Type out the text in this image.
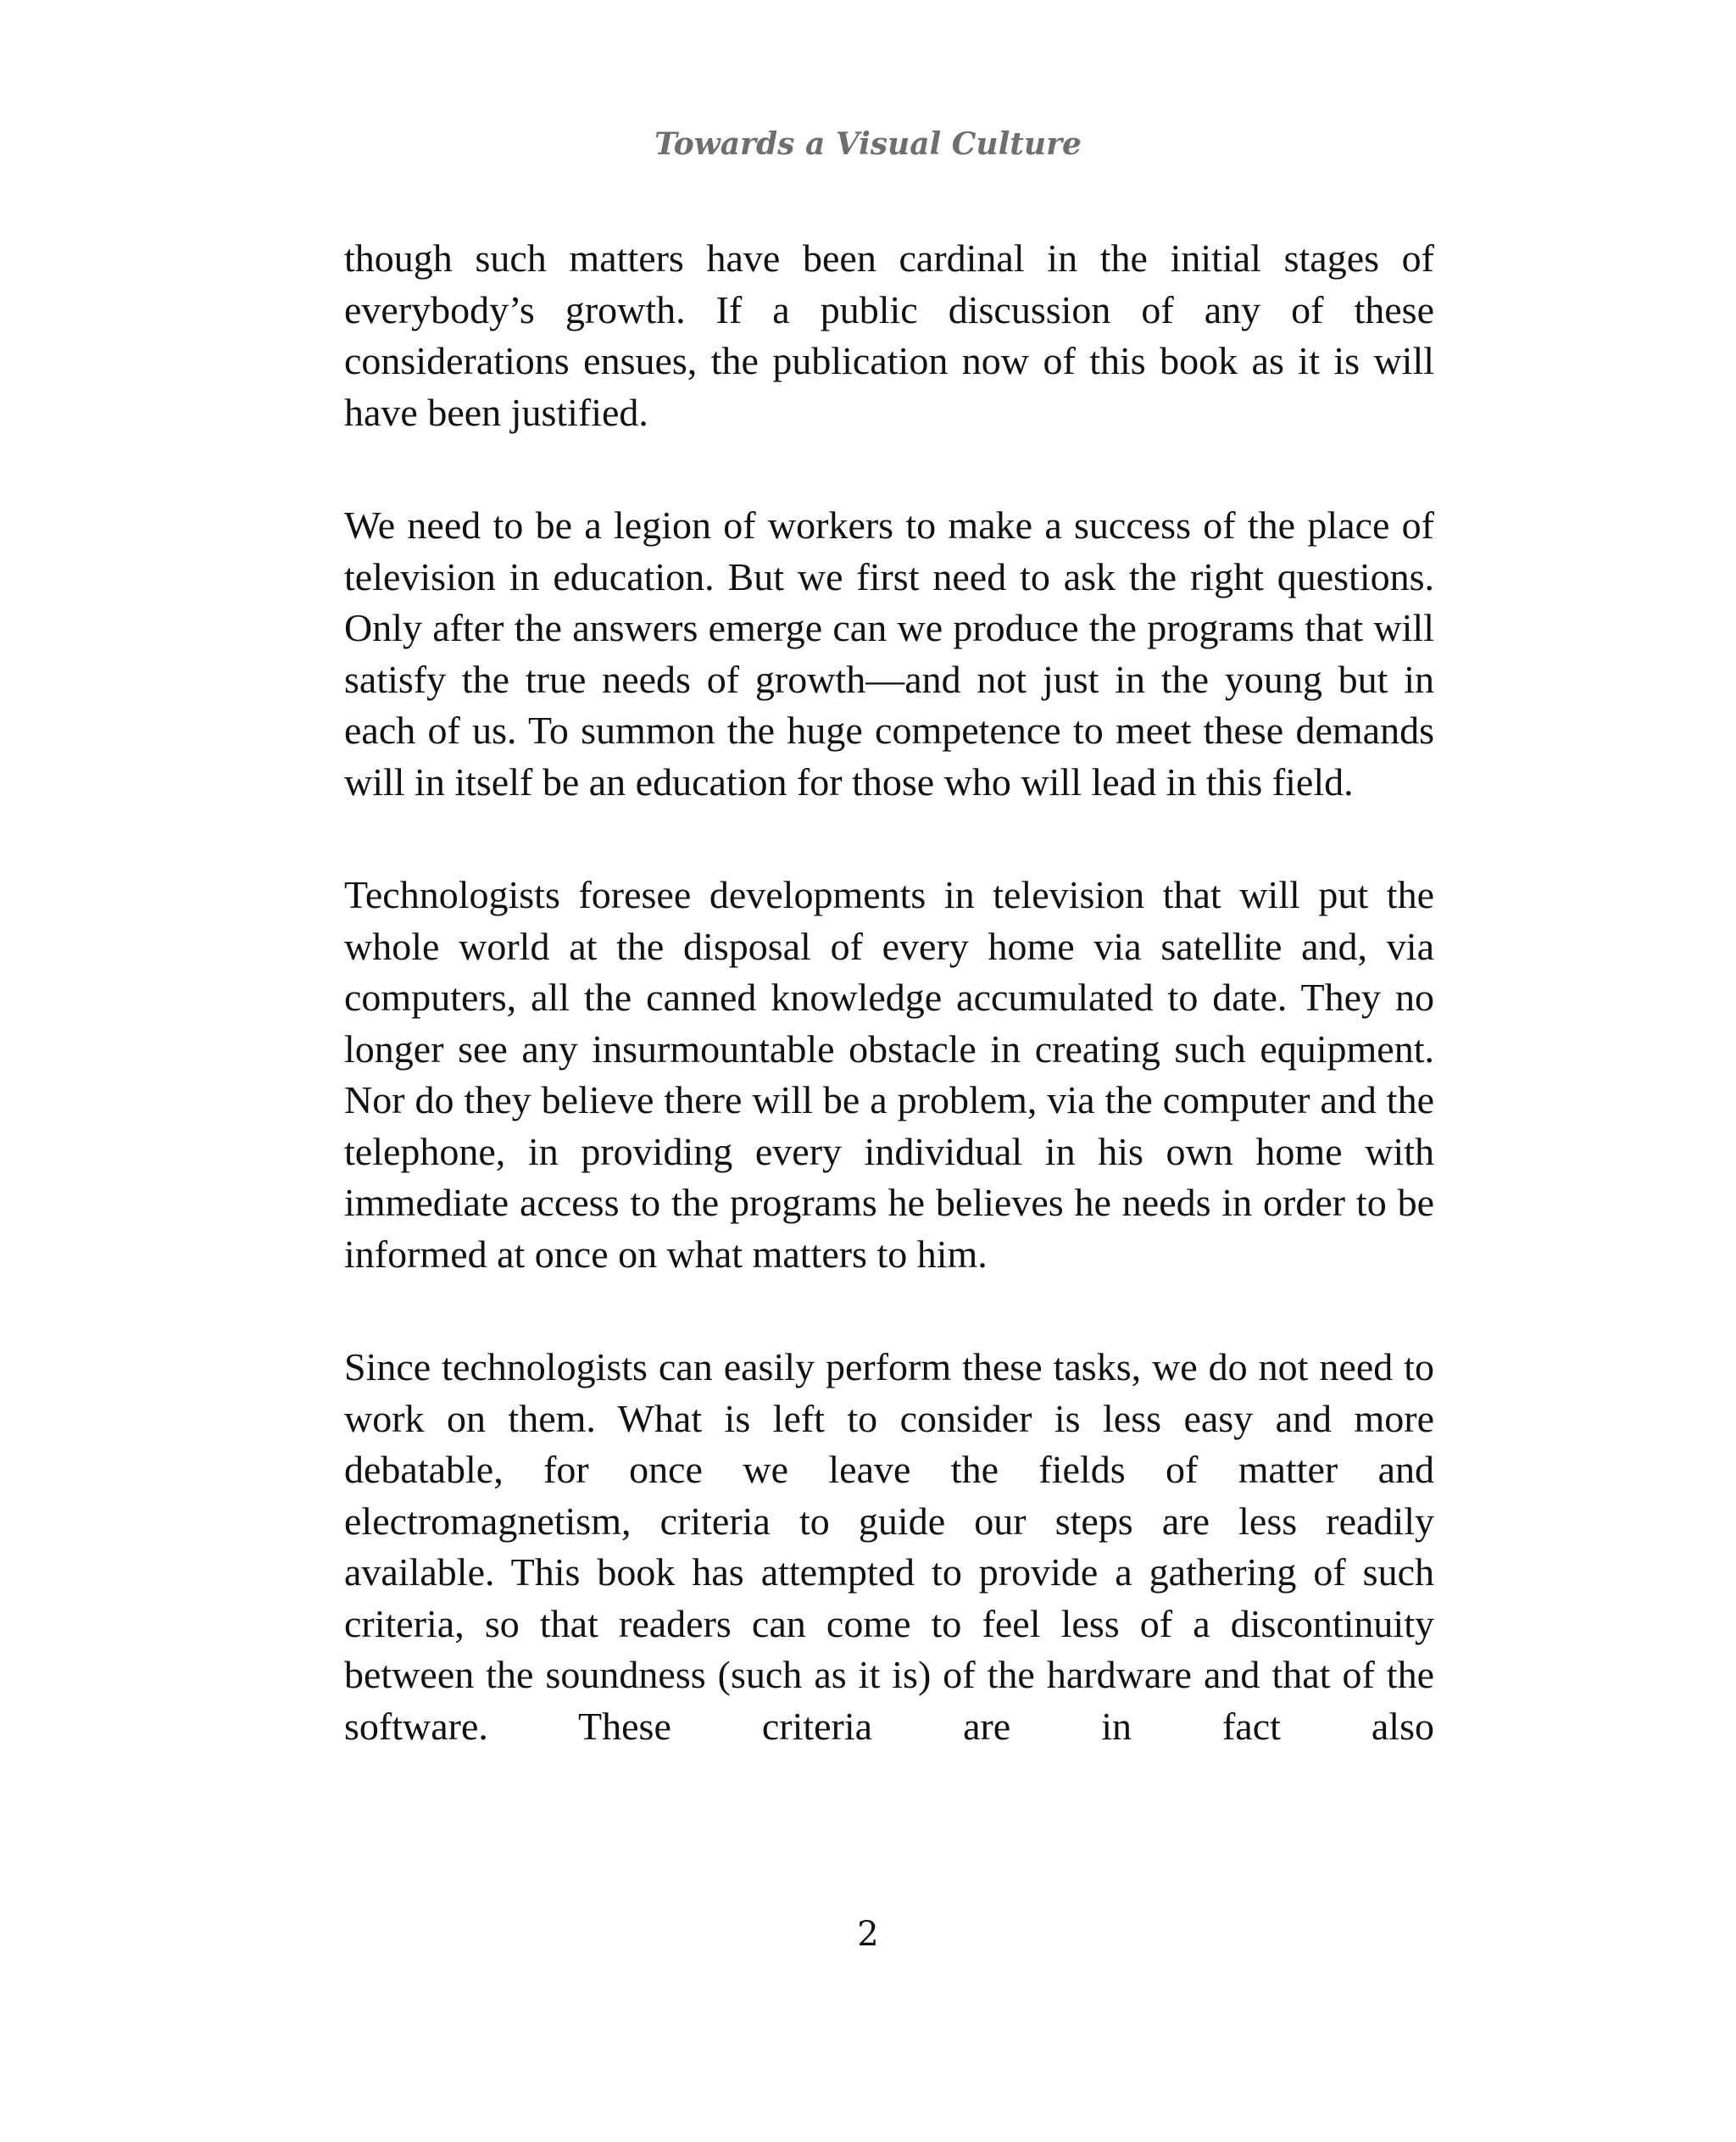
Towards a Visual Culture

though such matters have been cardinal in the initial stages of everybody’s growth. If a public discussion of any of these considerations ensues, the publication now of this book as it is will have been justified.

We need to be a legion of workers to make a success of the place of television in education. But we first need to ask the right questions. Only after the answers emerge can we produce the programs that will satisfy the true needs of growth—and not just in the young but in each of us. To summon the huge competence to meet these demands will in itself be an education for those who will lead in this field.

Technologists foresee developments in television that will put the whole world at the disposal of every home via satellite and, via computers, all the canned knowledge accumulated to date. They no longer see any insurmountable obstacle in creating such equipment. Nor do they believe there will be a problem, via the computer and the telephone, in providing every individual in his own home with immediate access to the programs he believes he needs in order to be informed at once on what matters to him.

Since technologists can easily perform these tasks, we do not need to work on them. What is left to consider is less easy and more debatable, for once we leave the fields of matter and electromagnetism, criteria to guide our steps are less readily available. This book has attempted to provide a gathering of such criteria, so that readers can come to feel less of a discontinuity between the soundness (such as it is) of the hardware and that of the software. These criteria are in fact also

2
